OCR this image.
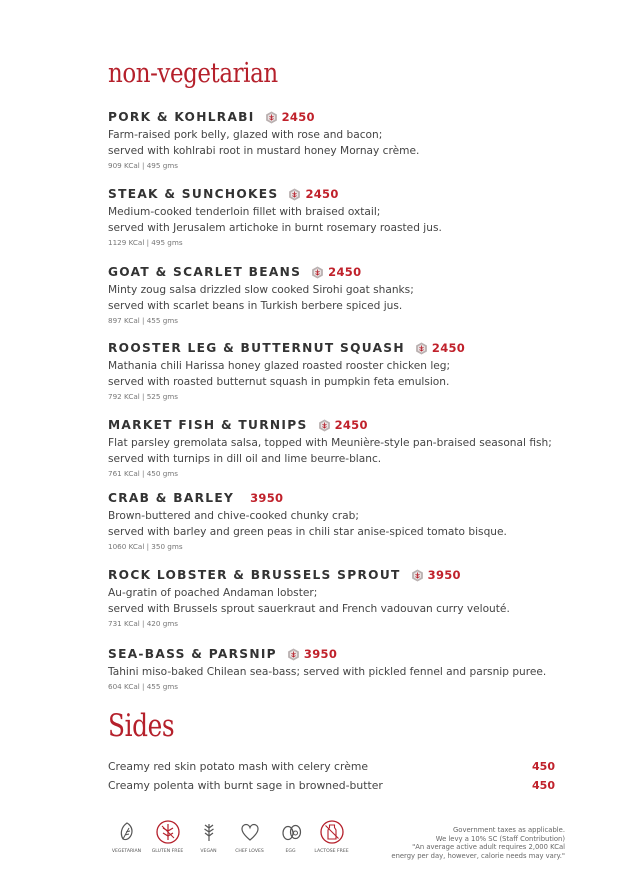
non-vegetarian
PORK & KOHLRABI 2450
Farm-raised pork belly, glazed with rose and bacon;
served with kohlrabi root in mustard honey Mornay crème.
909 KCal | 495 gms
STEAK & SUNCHOKES 2450
Medium-cooked tenderloin fillet with braised oxtail;
served with Jerusalem artichoke in burnt rosemary roasted jus.
1129 KCal | 495 gms
GOAT & SCARLET BEANS 2450
Minty zoug salsa drizzled slow cooked Sirohi goat shanks;
served with scarlet beans in Turkish berbere spiced jus.
897 KCal | 455 gms
ROOSTER LEG & BUTTERNUT SQUASH 2450
Mathania chili Harissa honey glazed roasted rooster chicken leg;
served with roasted butternut squash in pumpkin feta emulsion.
792 KCal | 525 gms
MARKET FISH & TURNIPS 2450
Flat parsley gremolata salsa, topped with Meunière-style pan-braised seasonal fish;
served with turnips in dill oil and lime beurre-blanc.
761 KCal | 450 gms
CRAB & BARLEY 3950
Brown-buttered and chive-cooked chunky crab;
served with barley and green peas in chili star anise-spiced tomato bisque.
1060 KCal | 350 gms
ROCK LOBSTER & BRUSSELS SPROUT 3950
Au-gratin of poached Andaman lobster;
served with Brussels sprout sauerkraut and French vadouvan curry velouté.
731 KCal | 420 gms
SEA-BASS & PARSNIP 3950
Tahini miso-baked Chilean sea-bass; served with pickled fennel and parsnip puree.
604 KCal | 455 gms
Sides
Creamy red skin potato mash with celery crème	450
Creamy polenta with burnt sage in browned-butter	450
VEGETARIAN	GLUTEN FREE	VEGAN	CHEF LOVES	EGG	LACTOSE FREE
Government taxes as applicable.
We levy a 10% SC (Staff Contribution)
"An average active adult requires 2,000 KCal
energy per day, however, calorie needs may vary."
